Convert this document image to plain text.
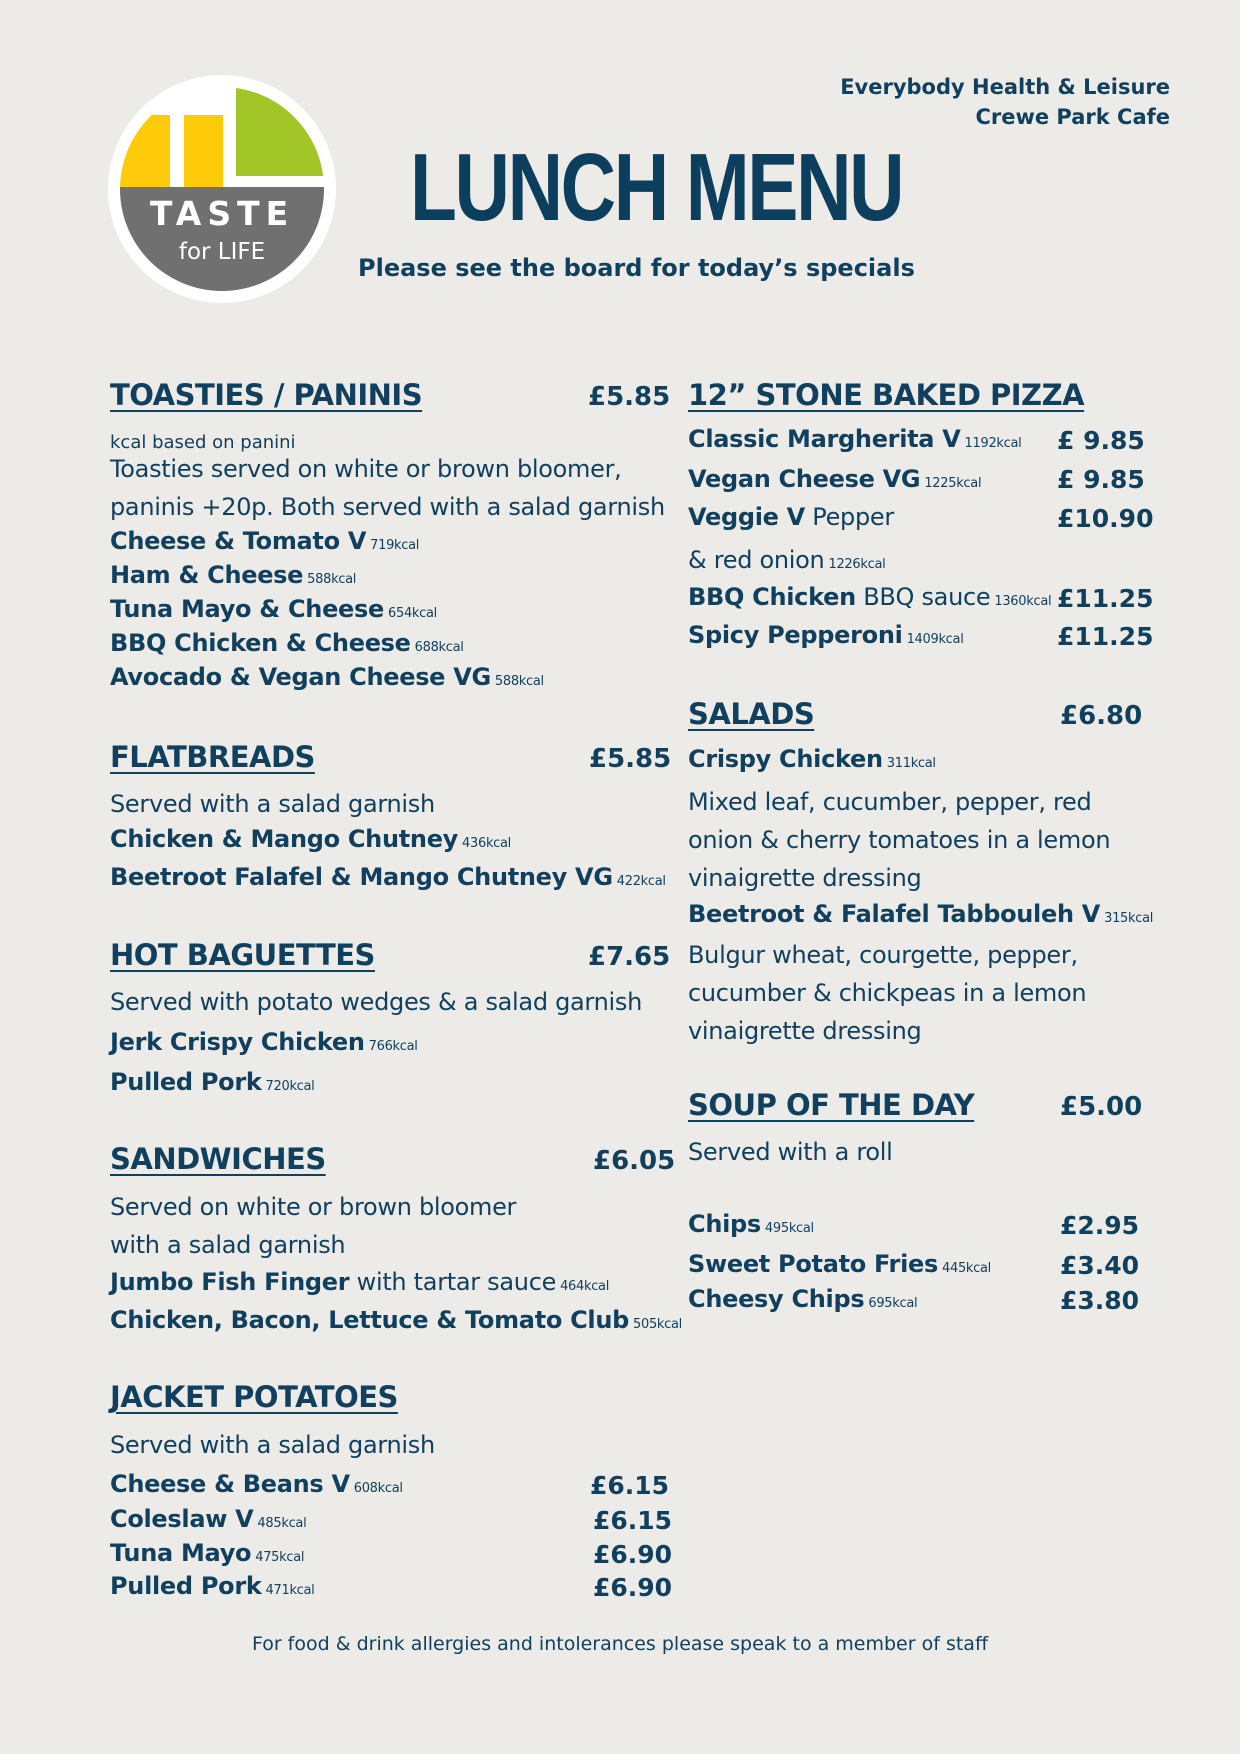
TASTE
for LIFE
Everybody Health & Leisure
Crewe Park Cafe
LUNCH MENU
Please see the board for today’s specials
TOASTIES / PANINIS	£5.85
kcal based on panini
Toasties served on white or brown bloomer,
paninis +20p. Both served with a salad garnish
Cheese & Tomato V 719kcal
Ham & Cheese 588kcal
Tuna Mayo & Cheese 654kcal
BBQ Chicken & Cheese 688kcal
Avocado & Vegan Cheese VG 588kcal
FLATBREADS	£5.85
Served with a salad garnish
Chicken & Mango Chutney 436kcal
Beetroot Falafel & Mango Chutney VG 422kcal
HOT BAGUETTES	£7.65
Served with potato wedges & a salad garnish
Jerk Crispy Chicken 766kcal
Pulled Pork 720kcal
SANDWICHES	£6.05
Served on white or brown bloomer
with a salad garnish
Jumbo Fish Finger with tartar sauce 464kcal
Chicken, Bacon, Lettuce & Tomato Club 505kcal
JACKET POTATOES
Served with a salad garnish
Cheese & Beans V 608kcal	£6.15
Coleslaw V 485kcal	£6.15
Tuna Mayo 475kcal	£6.90
Pulled Pork 471kcal	£6.90
12” STONE BAKED PIZZA
Classic Margherita V 1192kcal £ 9.85
Vegan Cheese VG 1225kcal	£ 9.85
Veggie V Pepper	£10.90
& red onion 1226kcal
BBQ Chicken BBQ sauce 1360kcal £11.25
Spicy Pepperoni 1409kcal	£11.25
SALADS	£6.80
Crispy Chicken 311kcal
Mixed leaf, cucumber, pepper, red
onion & cherry tomatoes in a lemon
vinaigrette dressing
Beetroot & Falafel Tabbouleh V 315kcal
Bulgur wheat, courgette, pepper,
cucumber & chickpeas in a lemon
vinaigrette dressing
SOUP OF THE DAY	£5.00
Served with a roll
Chips 495kcal	£2.95
Sweet Potato Fries 445kcal	£3.40
Cheesy Chips 695kcal	£3.80
For food & drink allergies and intolerances please speak to a member of staff
